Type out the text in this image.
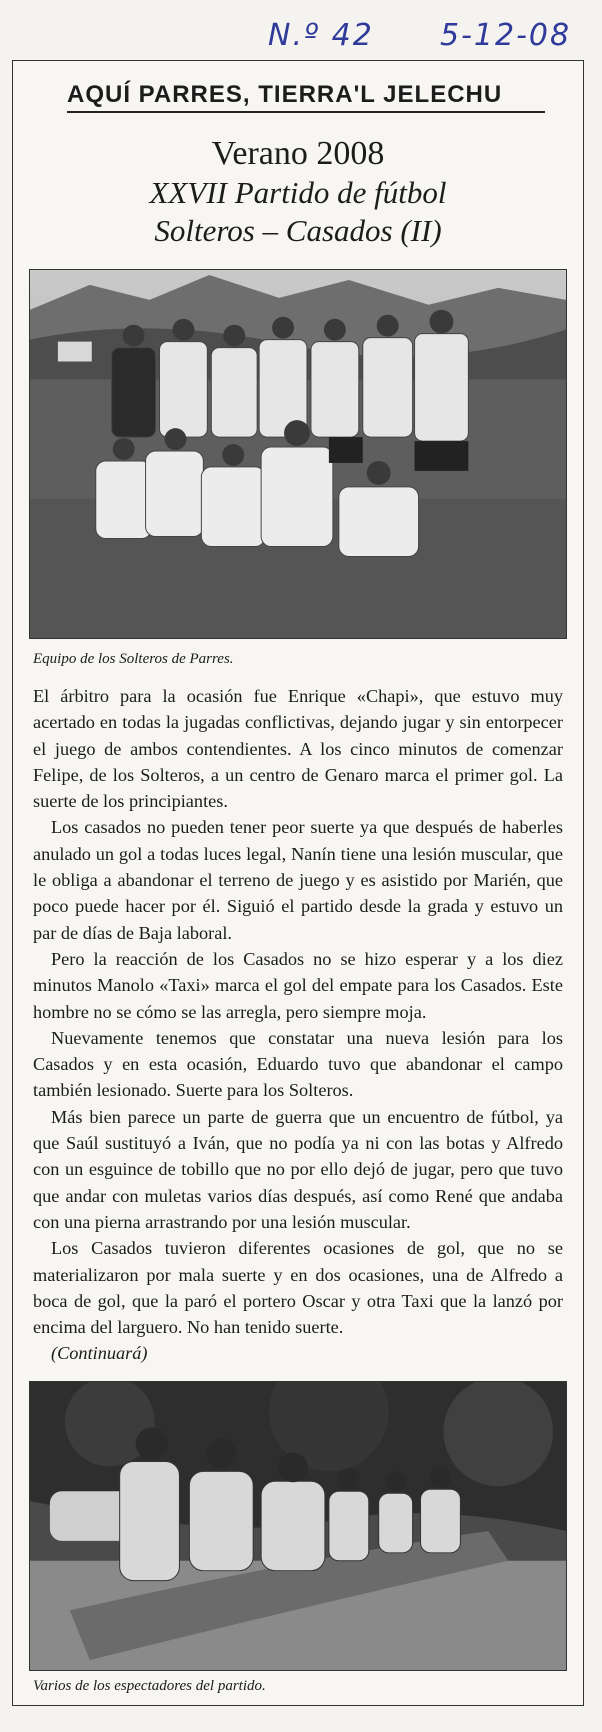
N.º 42 5-12-08
AQUÍ PARRES, TIERRA'L JELECHU
Verano 2008
XXVII Partido de fútbol
Solteros – Casados (II)
Equipo de los Solteros de Parres.

El árbitro para la ocasión fue Enrique «Chapi», que estuvo muy acertado en todas la jugadas conflictivas, dejando jugar y sin entorpecer el juego de ambos contendientes. A los cinco minutos de comenzar Felipe, de los Solteros, a un centro de Genaro marca el primer gol. La suerte de los principiantes.

Los casados no pueden tener peor suerte ya que después de haberles anulado un gol a todas luces legal, Nanín tiene una lesión muscular, que le obliga a abandonar el terreno de juego y es asistido por Marién, que poco puede hacer por él. Siguió el partido desde la grada y estuvo un par de días de Baja laboral.

Pero la reacción de los Casados no se hizo esperar y a los diez minutos Manolo «Taxi» marca el gol del empate para los Casados. Este hombre no se cómo se las arregla, pero siempre moja.

Nuevamente tenemos que constatar una nueva lesión para los Casados y en esta ocasión, Eduardo tuvo que abandonar el campo también lesionado. Suerte para los Solteros.

Más bien parece un parte de guerra que un encuentro de fútbol, ya que Saúl sustituyó a Iván, que no podía ya ni con las botas y Alfredo con un esguince de tobillo que no por ello dejó de jugar, pero que tuvo que andar con muletas varios días después, así como René que andaba con una pierna arrastrando por una lesión muscular.

Los Casados tuvieron diferentes ocasiones de gol, que no se materializaron por mala suerte y en dos ocasiones, una de Alfredo a boca de gol, que la paró el portero Oscar y otra Taxi que la lanzó por encima del larguero. No han tenido suerte.

(Continuará)

Varios de los espectadores del partido.
